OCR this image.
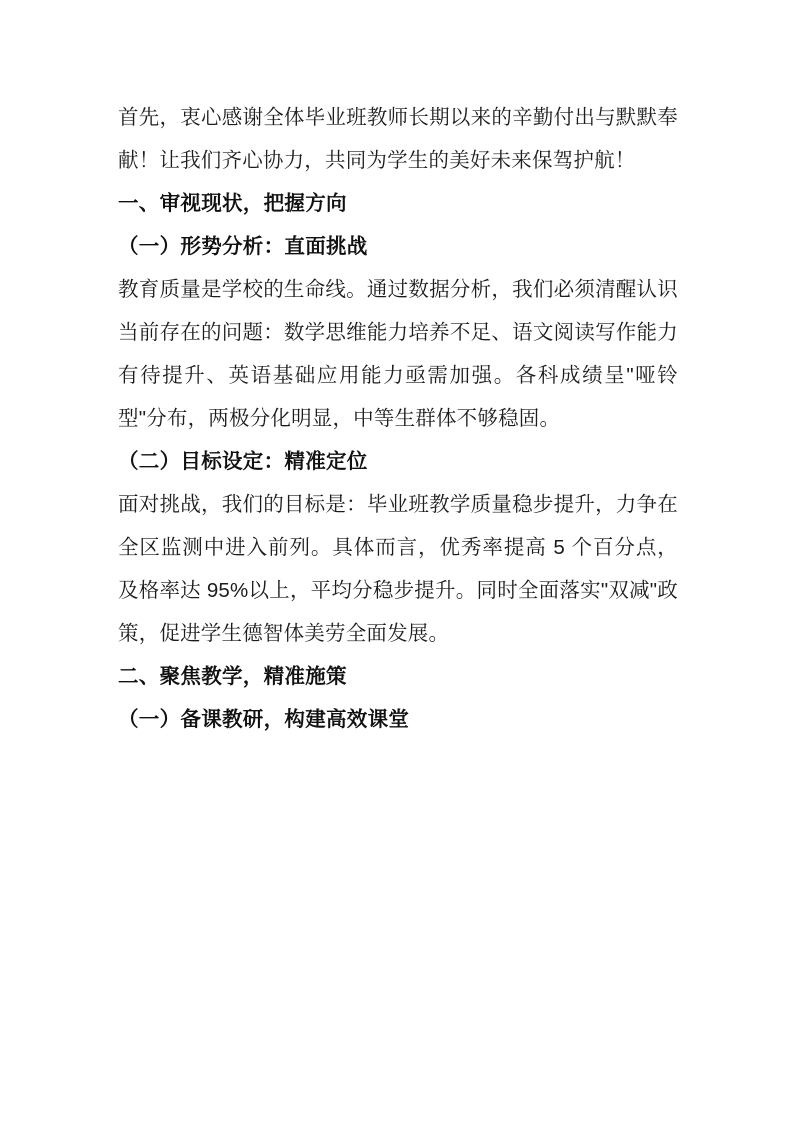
首先，衷心感谢全体毕业班教师长期以来的辛勤付出与默默奉献！让我们齐心协力，共同为学生的美好未来保驾护航！

一、审视现状，把握方向
（一）形势分析：直面挑战

教育质量是学校的生命线。通过数据分析，我们必须清醒认识当前存在的问题：数学思维能力培养不足、语文阅读写作能力有待提升、英语基础应用能力亟需加强。各科成绩呈"哑铃型"分布，两极分化明显，中等生群体不够稳固。

（二）目标设定：精准定位

面对挑战，我们的目标是：毕业班教学质量稳步提升，力争在全区监测中进入前列。具体而言，优秀率提高 5 个百分点，及格率达 95%以上，平均分稳步提升。同时全面落实"双减"政策，促进学生德智体美劳全面发展。

二、聚焦教学，精准施策
（一）备课教研，构建高效课堂
